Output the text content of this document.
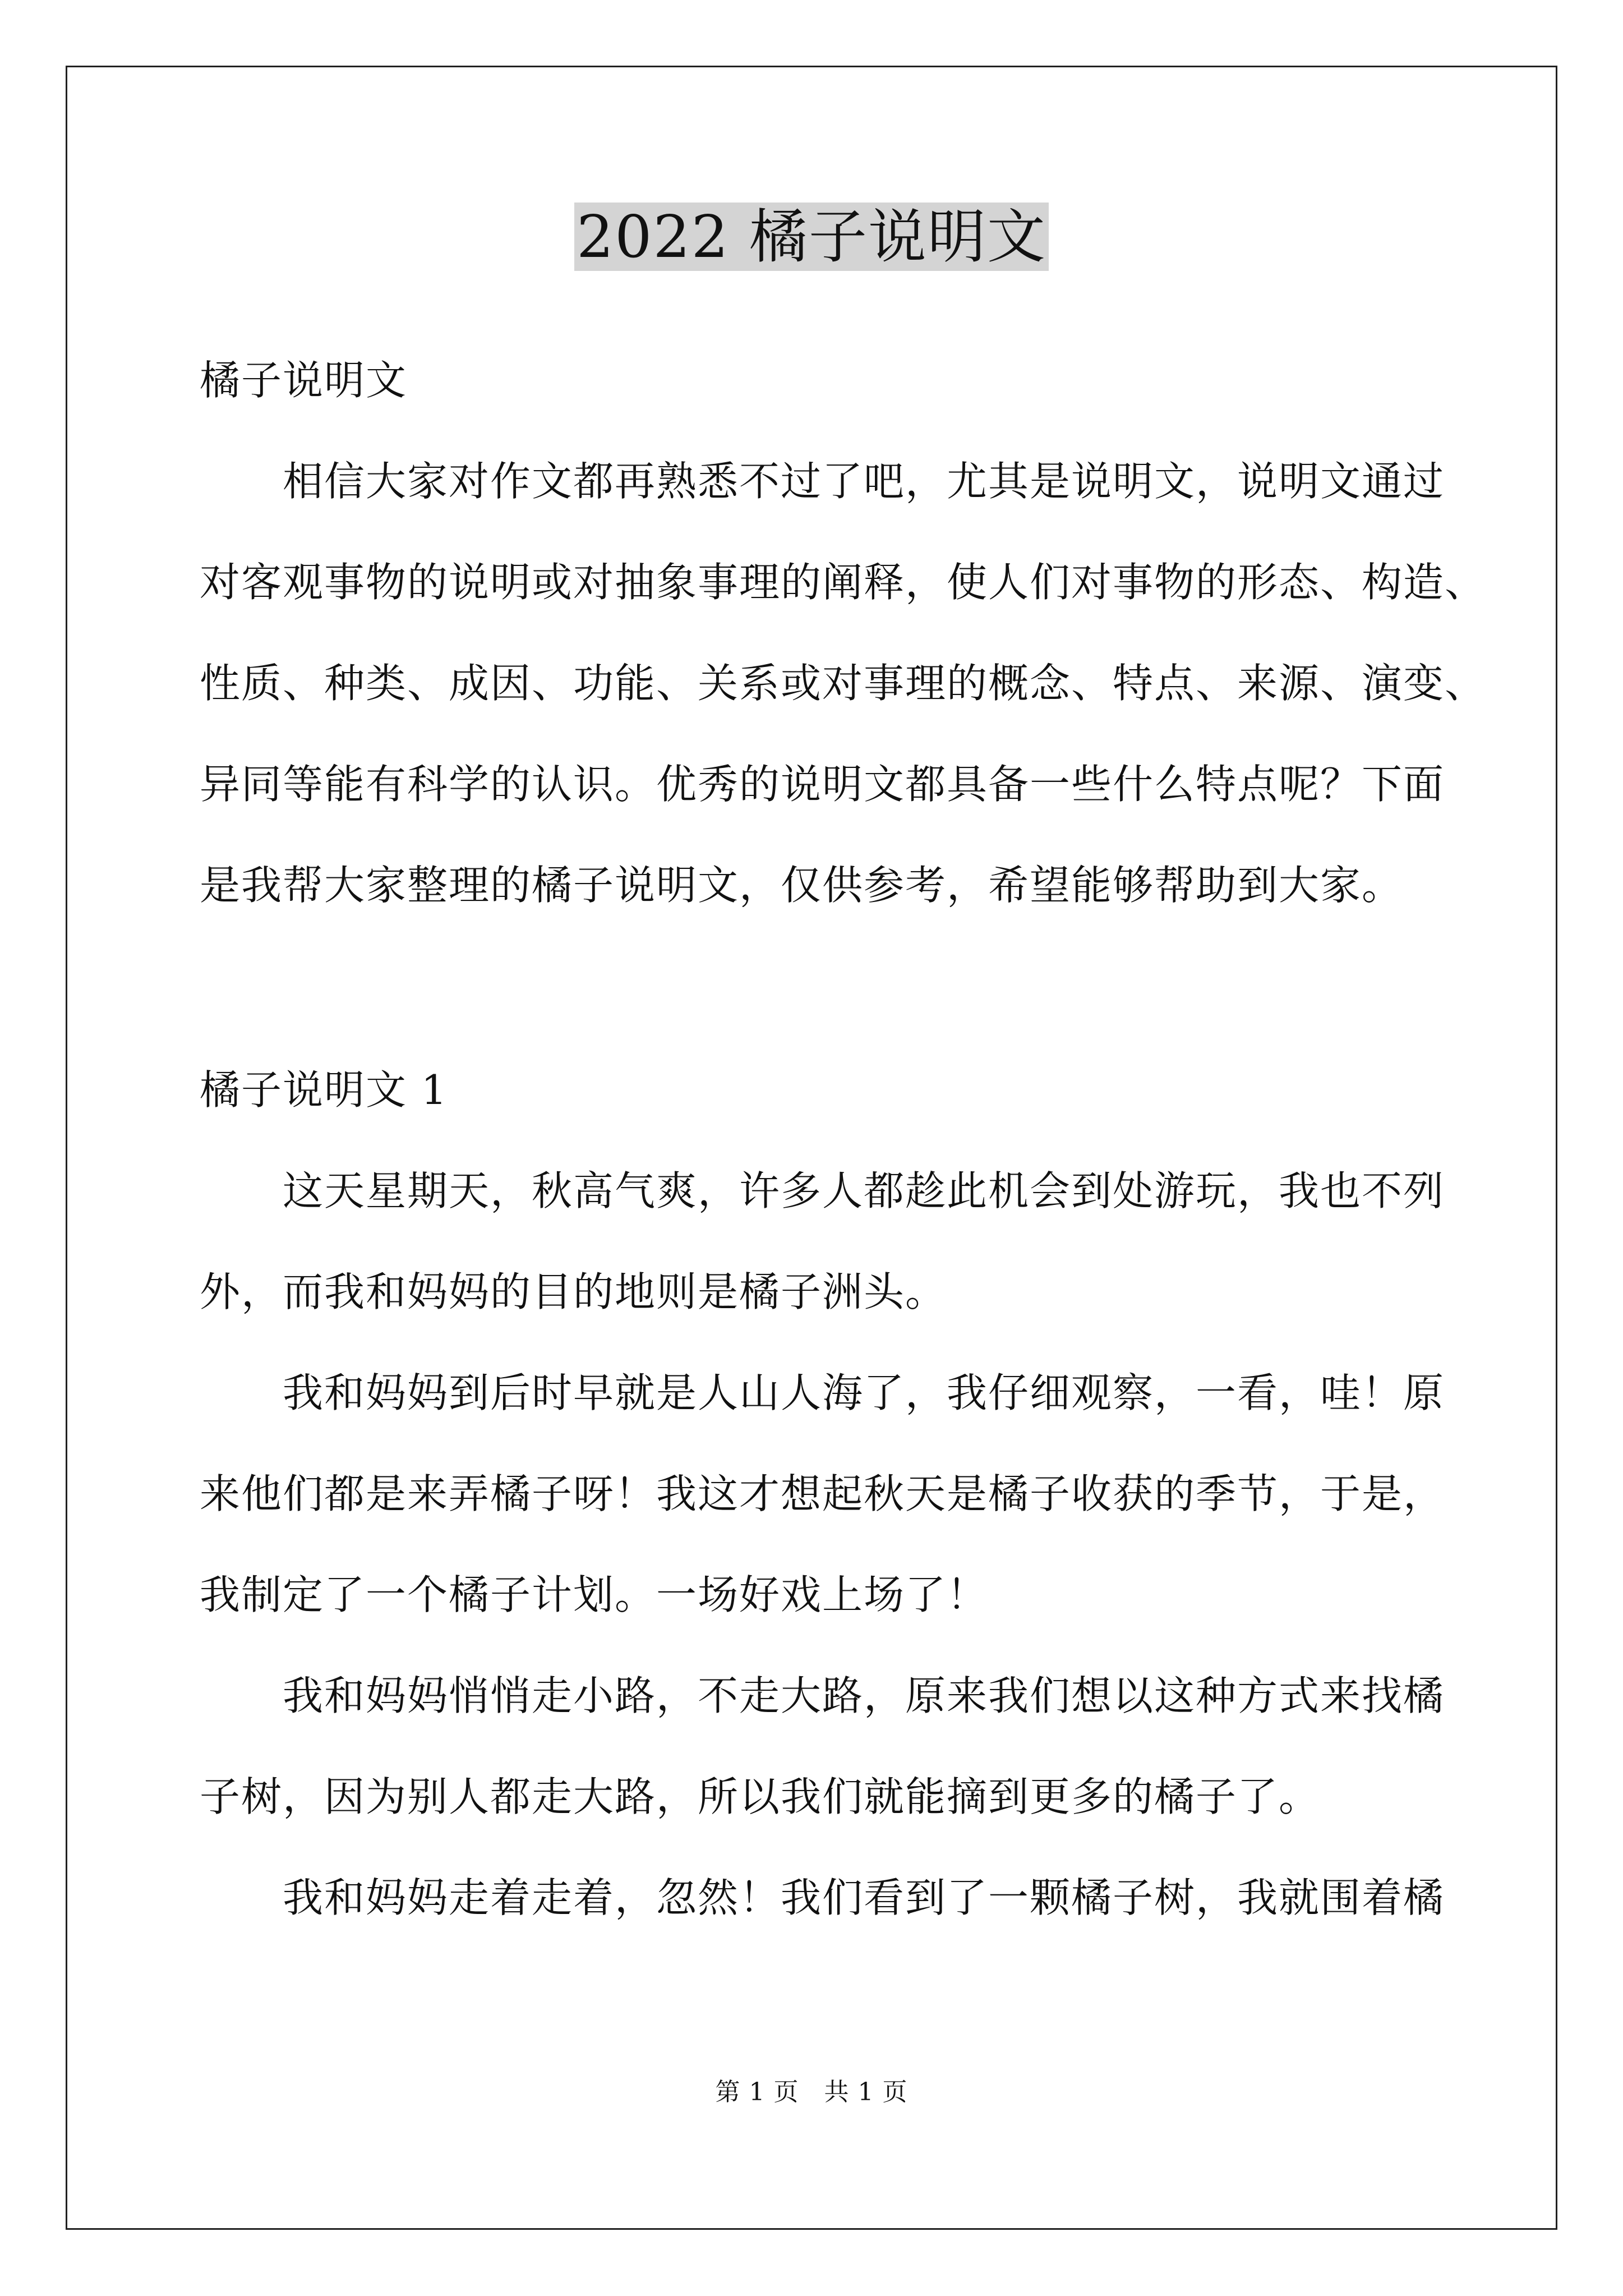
2022 橘子说明文
橘子说明文
相信大家对作文都再熟悉不过了吧，尤其是说明文，说明文通过
对客观事物的说明或对抽象事理的阐释，使人们对事物的形态、构造、
性质、种类、成因、功能、关系或对事理的概念、特点、来源、演变、
异同等能有科学的认识。优秀的说明文都具备一些什么特点呢？下面
是我帮大家整理的橘子说明文，仅供参考，希望能够帮助到大家。
橘子说明文 1
这天星期天，秋高气爽，许多人都趁此机会到处游玩，我也不列
外，而我和妈妈的目的地则是橘子洲头。
我和妈妈到后时早就是人山人海了，我仔细观察，一看，哇！原
来他们都是来弄橘子呀！我这才想起秋天是橘子收获的季节，于是，
我制定了一个橘子计划。一场好戏上场了！
我和妈妈悄悄走小路，不走大路，原来我们想以这种方式来找橘
子树，因为别人都走大路，所以我们就能摘到更多的橘子了。
我和妈妈走着走着，忽然！我们看到了一颗橘子树，我就围着橘
第 1 页　共 1 页
